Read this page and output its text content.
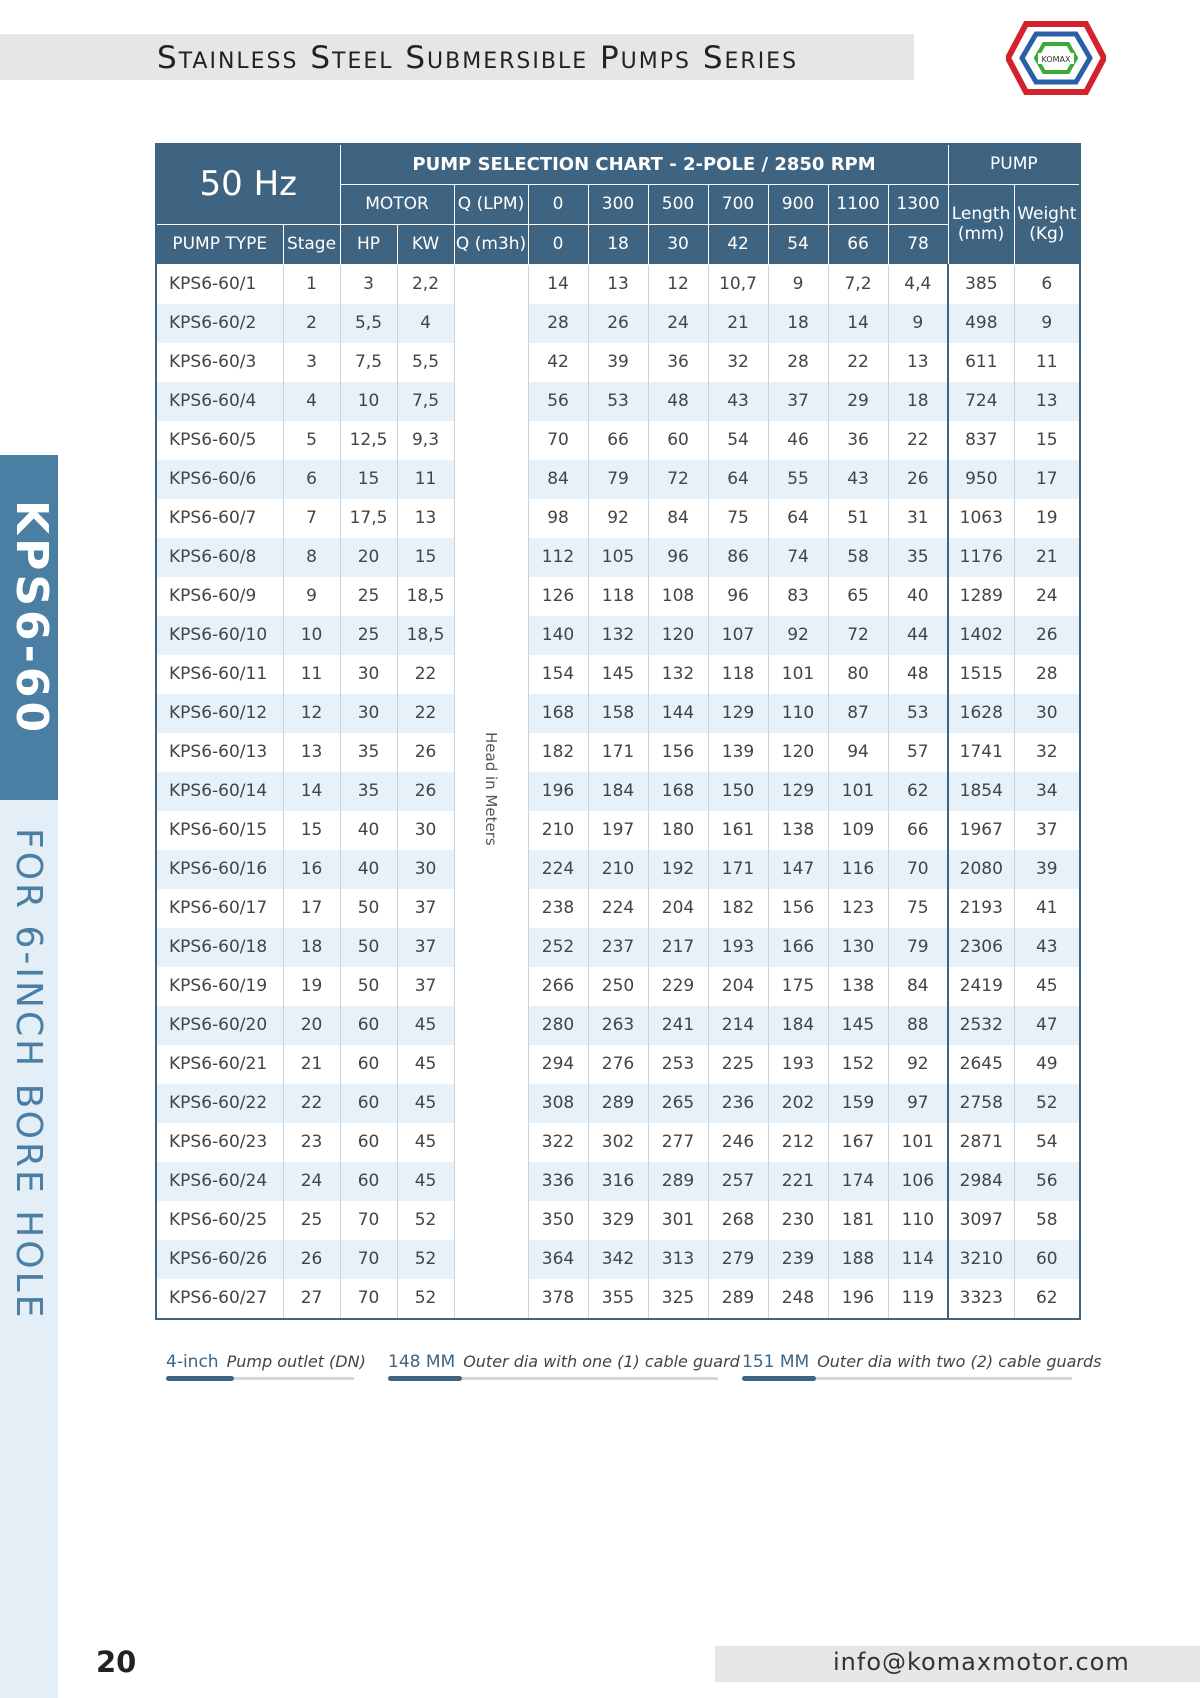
Stainless Steel Submersible Pumps Series	KOMAX
KPS6-60
FOR 6-INCH BORE HOLE
50 Hz		PUMP SELECTION CHART - 2-POLE / 2850 RPM										PUMP	
		MOTOR		Q (LPM)	0	300	500	700	900	1100	1300	Length (mm)	Weight (Kg)
PUMP TYPE	Stage	HP	KW	Q (m3h)	0	18	30	42	54	66	78		
KPS6-60/1	1	3	2,2	Head in Meters	14	13	12	10,7	9	7,2	4,4	385	6
KPS6-60/2	2	5,5	4		28	26	24	21	18	14	9	498	9
KPS6-60/3	3	7,5	5,5		42	39	36	32	28	22	13	611	11
KPS6-60/4	4	10	7,5		56	53	48	43	37	29	18	724	13
KPS6-60/5	5	12,5	9,3		70	66	60	54	46	36	22	837	15
KPS6-60/6	6	15	11		84	79	72	64	55	43	26	950	17
KPS6-60/7	7	17,5	13		98	92	84	75	64	51	31	1063	19
KPS6-60/8	8	20	15		112	105	96	86	74	58	35	1176	21
KPS6-60/9	9	25	18,5		126	118	108	96	83	65	40	1289	24
KPS6-60/10	10	25	18,5		140	132	120	107	92	72	44	1402	26
KPS6-60/11	11	30	22		154	145	132	118	101	80	48	1515	28
KPS6-60/12	12	30	22		168	158	144	129	110	87	53	1628	30
KPS6-60/13	13	35	26		182	171	156	139	120	94	57	1741	32
KPS6-60/14	14	35	26		196	184	168	150	129	101	62	1854	34
KPS6-60/15	15	40	30		210	197	180	161	138	109	66	1967	37
KPS6-60/16	16	40	30		224	210	192	171	147	116	70	2080	39
KPS6-60/17	17	50	37		238	224	204	182	156	123	75	2193	41
KPS6-60/18	18	50	37		252	237	217	193	166	130	79	2306	43
KPS6-60/19	19	50	37		266	250	229	204	175	138	84	2419	45
KPS6-60/20	20	60	45		280	263	241	214	184	145	88	2532	47
KPS6-60/21	21	60	45		294	276	253	225	193	152	92	2645	49
KPS6-60/22	22	60	45		308	289	265	236	202	159	97	2758	52
KPS6-60/23	23	60	45		322	302	277	246	212	167	101	2871	54
KPS6-60/24	24	60	45		336	316	289	257	221	174	106	2984	56
KPS6-60/25	25	70	52		350	329	301	268	230	181	110	3097	58
KPS6-60/26	26	70	52		364	342	313	279	239	188	114	3210	60
KPS6-60/27	27	70	52		378	355	325	289	248	196	119	3323	62
4-inch Pump outlet (DN) 148 MM Outer dia with one (1) cable guard 151 MM Outer dia with two (2) cable guards
20	info@komaxmotor.com
